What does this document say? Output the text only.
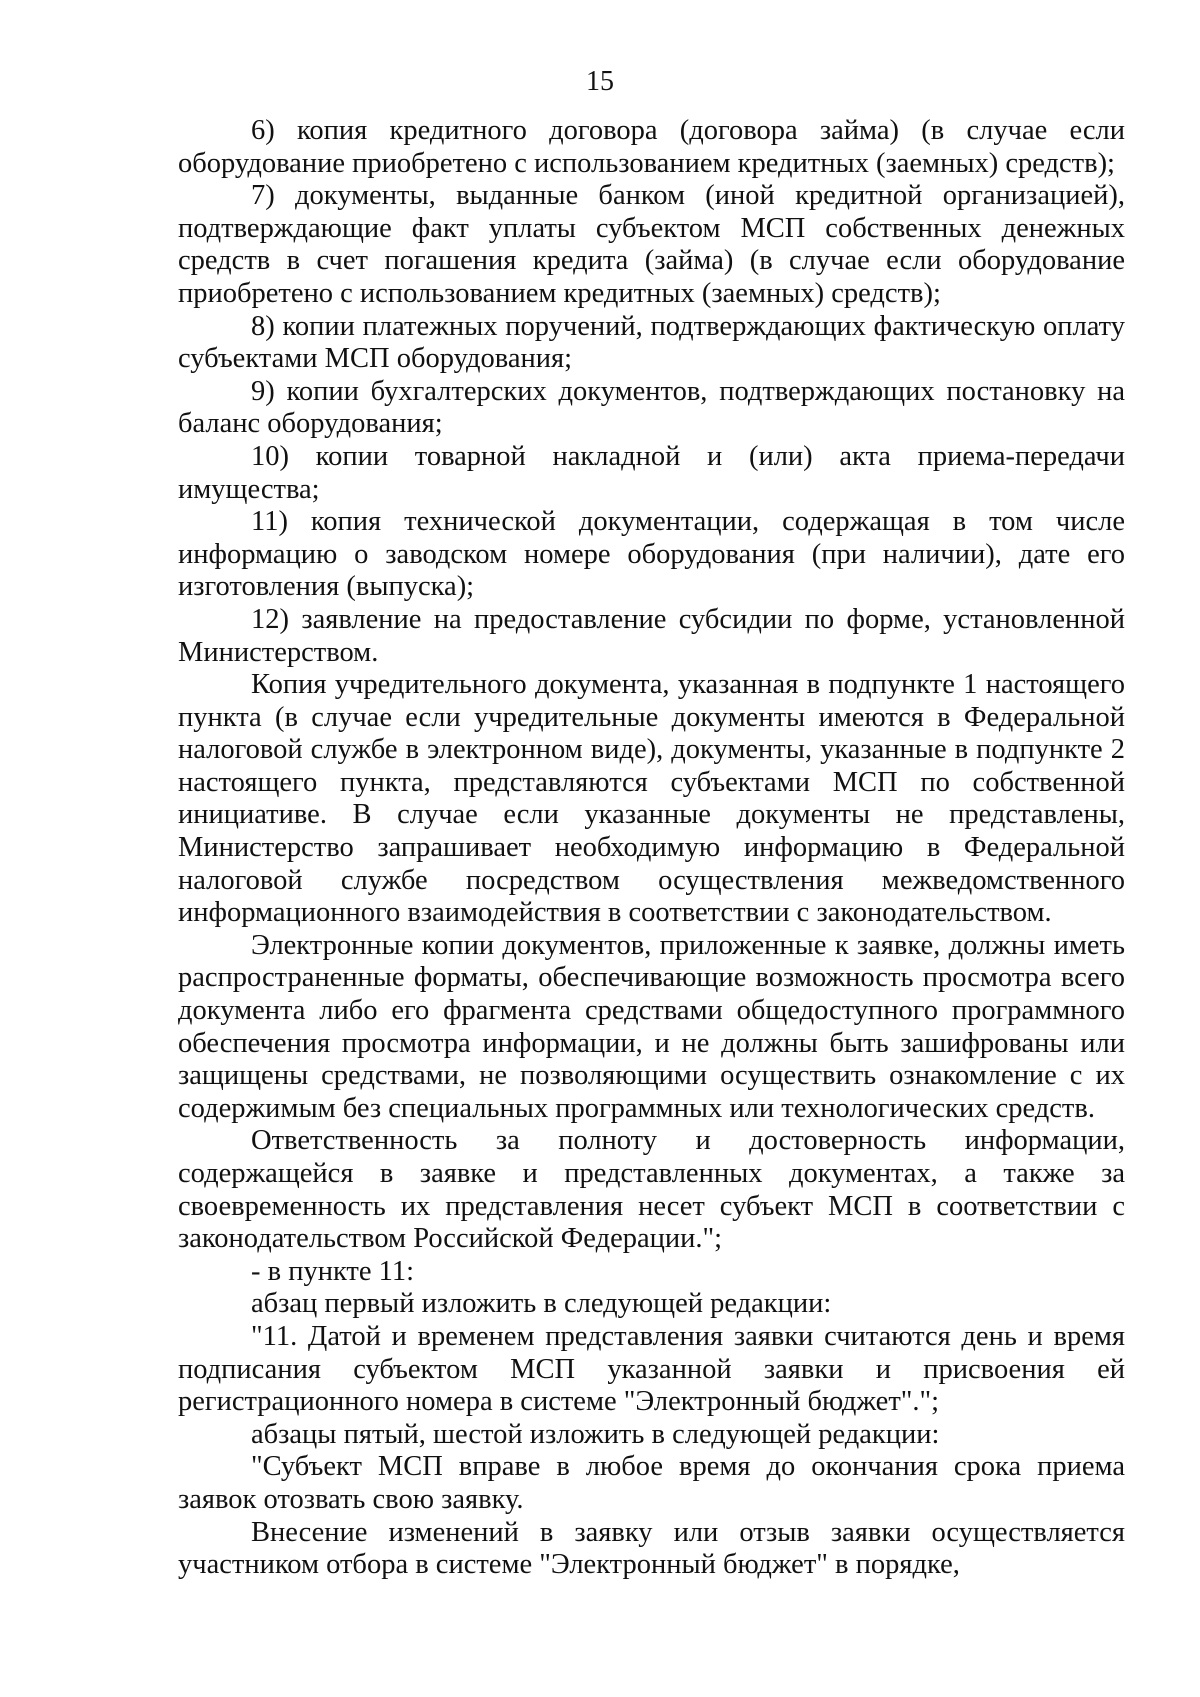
15

6) копия кредитного договора (договора займа) (в случае если оборудование приобретено с использованием кредитных (заемных) средств);

7) документы, выданные банком (иной кредитной организацией), подтверждающие факт уплаты субъектом МСП собственных денежных средств в счет погашения кредита (займа) (в случае если оборудование приобретено с использованием кредитных (заемных) средств);

8) копии платежных поручений, подтверждающих фактическую оплату субъектами МСП оборудования;

9) копии бухгалтерских документов, подтверждающих постановку на баланс оборудования;

10) копии товарной накладной и (или) акта приема-передачи имущества;

11) копия технической документации, содержащая в том числе информацию о заводском номере оборудования (при наличии), дате его изготовления (выпуска);

12) заявление на предоставление субсидии по форме, установленной Министерством.

Копия учредительного документа, указанная в подпункте 1 настоящего пункта (в случае если учредительные документы имеются в Федеральной налоговой службе в электронном виде), документы, указанные в подпункте 2 настоящего пункта, представляются субъектами МСП по собственной инициативе. В случае если указанные документы не представлены, Министерство запрашивает необходимую информацию в Федеральной налоговой службе посредством осуществления межведомственного информационного взаимодействия в соответствии с законодательством.

Электронные копии документов, приложенные к заявке, должны иметь распространенные форматы, обеспечивающие возможность просмотра всего документа либо его фрагмента средствами общедоступного программного обеспечения просмотра информации, и не должны быть зашифрованы или защищены средствами, не позволяющими осуществить ознакомление с их содержимым без специальных программных или технологических средств.

Ответственность за полноту и достоверность информации, содержащейся в заявке и представленных документах, а также за своевременность их представления несет субъект МСП в соответствии с законодательством Российской Федерации.";

- в пункте 11:

абзац первый изложить в следующей редакции:

"11. Датой и временем представления заявки считаются день и время подписания субъектом МСП указанной заявки и присвоения ей регистрационного номера в системе "Электронный бюджет".";

абзацы пятый, шестой изложить в следующей редакции:

"Субъект МСП вправе в любое время до окончания срока приема заявок отозвать свою заявку.

Внесение изменений в заявку или отзыв заявки осуществляется участником отбора в системе "Электронный бюджет" в порядке,
